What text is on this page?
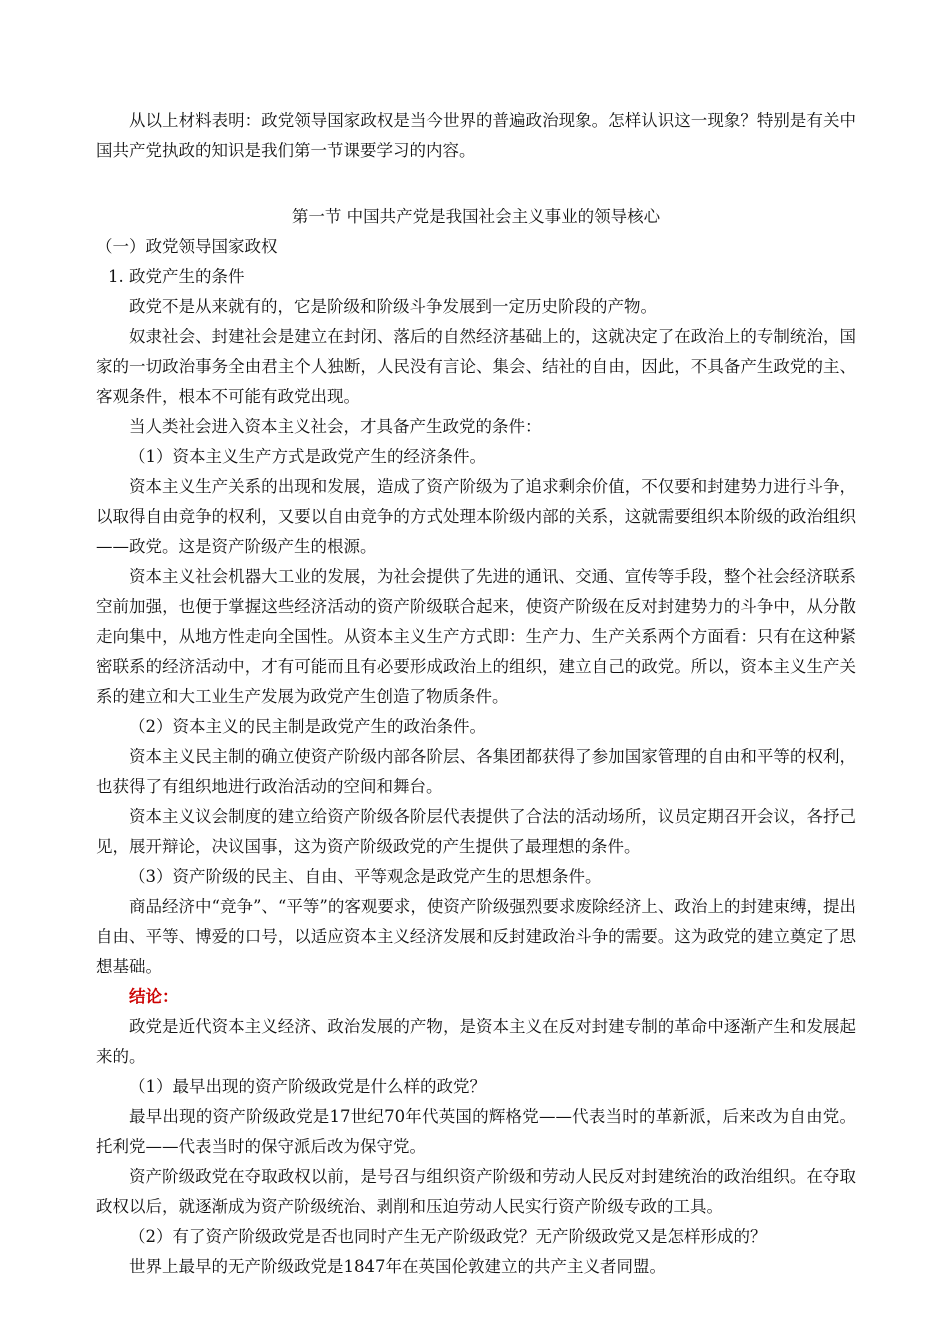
从以上材料表明：政党领导国家政权是当今世界的普遍政治现象。怎样认识这一现象？特别是有关中国共产党执政的知识是我们第一节课要学习的内容。

第一节 中国共产党是我国社会主义事业的领导核心

（一）政党领导国家政权

1. 政党产生的条件

政党不是从来就有的，它是阶级和阶级斗争发展到一定历史阶段的产物。

奴隶社会、封建社会是建立在封闭、落后的自然经济基础上的，这就决定了在政治上的专制统治，国家的一切政治事务全由君主个人独断，人民没有言论、集会、结社的自由，因此，不具备产生政党的主、客观条件，根本不可能有政党出现。

当人类社会进入资本主义社会，才具备产生政党的条件：

（1）资本主义生产方式是政党产生的经济条件。

资本主义生产关系的出现和发展，造成了资产阶级为了追求剩余价值，不仅要和封建势力进行斗争，以取得自由竞争的权利，又要以自由竞争的方式处理本阶级内部的关系，这就需要组织本阶级的政治组织——政党。这是资产阶级产生的根源。

资本主义社会机器大工业的发展，为社会提供了先进的通讯、交通、宣传等手段，整个社会经济联系空前加强，也便于掌握这些经济活动的资产阶级联合起来，使资产阶级在反对封建势力的斗争中，从分散走向集中，从地方性走向全国性。从资本主义生产方式即：生产力、生产关系两个方面看：只有在这种紧密联系的经济活动中，才有可能而且有必要形成政治上的组织，建立自己的政党。所以，资本主义生产关系的建立和大工业生产发展为政党产生创造了物质条件。

（2）资本主义的民主制是政党产生的政治条件。

资本主义民主制的确立使资产阶级内部各阶层、各集团都获得了参加国家管理的自由和平等的权利，也获得了有组织地进行政治活动的空间和舞台。

资本主义议会制度的建立给资产阶级各阶层代表提供了合法的活动场所，议员定期召开会议，各抒己见，展开辩论，决议国事，这为资产阶级政党的产生提供了最理想的条件。

（3）资产阶级的民主、自由、平等观念是政党产生的思想条件。

商品经济中“竞争”、“平等”的客观要求，使资产阶级强烈要求废除经济上、政治上的封建束缚，提出自由、平等、博爱的口号，以适应资本主义经济发展和反封建政治斗争的需要。这为政党的建立奠定了思想基础。

结论：

政党是近代资本主义经济、政治发展的产物，是资本主义在反对封建专制的革命中逐渐产生和发展起来的。

（1）最早出现的资产阶级政党是什么样的政党？

最早出现的资产阶级政党是17世纪70年代英国的辉格党——代表当时的革新派，后来改为自由党。托利党——代表当时的保守派后改为保守党。

资产阶级政党在夺取政权以前，是号召与组织资产阶级和劳动人民反对封建统治的政治组织。在夺取政权以后，就逐渐成为资产阶级统治、剥削和压迫劳动人民实行资产阶级专政的工具。

（2）有了资产阶级政党是否也同时产生无产阶级政党？无产阶级政党又是怎样形成的？

世界上最早的无产阶级政党是1847年在英国伦敦建立的共产主义者同盟。
